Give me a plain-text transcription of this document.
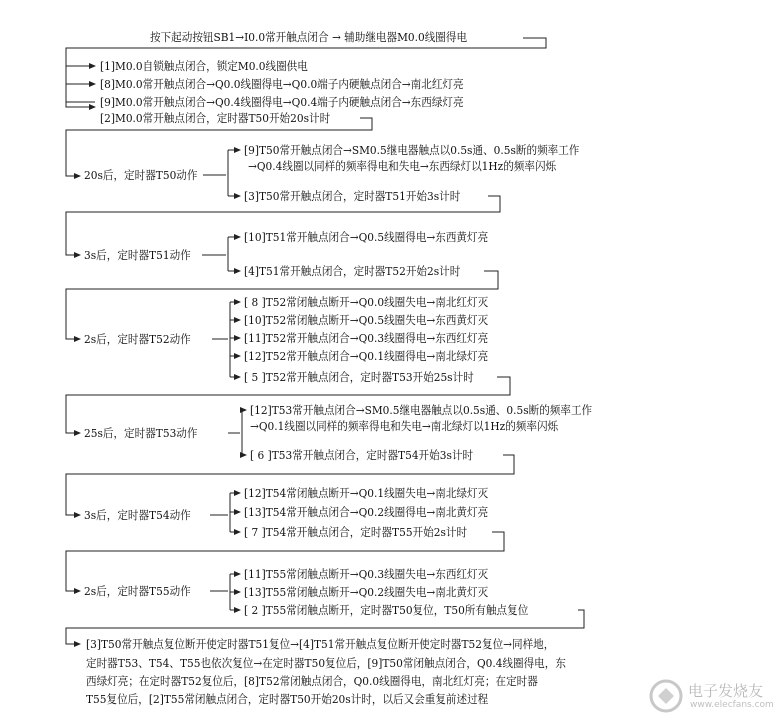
按下起动按钮SB1→I0.0常开触点闭合 → 辅助继电器M0.0线圈得电
[1]M0.0自锁触点闭合，锁定M0.0线圈供电
[8]M0.0常开触点闭合→Q0.0线圈得电→Q0.0端子内硬触点闭合→南北红灯亮
[9]M0.0常开触点闭合→Q0.4线圈得电→Q0.4端子内硬触点闭合→东西绿灯亮
[2]M0.0常开触点闭合，定时器T50开始20s计时
20s后，定时器T50动作
[9]T50常开触点闭合→SM0.5继电器触点以0.5s通、0.5s断的频率工作
→Q0.4线圈以同样的频率得电和失电→东西绿灯以1Hz的频率闪烁
[3]T50常开触点闭合，定时器T51开始3s计时
3s后，定时器T51动作
[10]T51常开触点闭合→Q0.5线圈得电→东西黄灯亮
[4]T51常开触点闭合，定时器T52开始2s计时
2s后，定时器T52动作
[ 8 ]T52常闭触点断开→Q0.0线圈失电→南北红灯灭
[10]T52常闭触点断开→Q0.5线圈失电→东西黄灯灭
[11]T52常开触点闭合→Q0.3线圈得电→东西红灯亮
[12]T52常开触点闭合→Q0.1线圈得电→南北绿灯亮
[ 5 ]T52常开触点闭合，定时器T53开始25s计时
25s后，定时器T53动作
[12]T53常开触点闭合→SM0.5继电器触点以0.5s通、0.5s断的频率工作
→Q0.1线圈以同样的频率得电和失电→南北绿灯以1Hz的频率闪烁
[ 6 ]T53常开触点闭合，定时器T54开始3s计时
3s后，定时器T54动作
[12]T54常闭触点断开→Q0.1线圈失电→南北绿灯灭
[13]T54常开触点闭合→Q0.2线圈得电→南北黄灯亮
[ 7 ]T54常开触点闭合，定时器T55开始2s计时
2s后，定时器T55动作
[11]T55常闭触点断开→Q0.3线圈失电→东西红灯灭
[13]T55常闭触点断开→Q0.2线圈失电→南北黄灯灭
[ 2 ]T55常闭触点断开，定时器T50复位，T50所有触点复位
[3]T50常开触点复位断开使定时器T51复位→[4]T51常开触点复位断开使定时器T52复位→同样地，
定时器T53、T54、T55也依次复位→在定时器T50复位后，[9]T50常闭触点闭合，Q0.4线圈得电，东
西绿灯亮；在定时器T52复位后，[8]T52常闭触点闭合，Q0.0线圈得电，南北红灯亮；在定时器
T55复位后，[2]T55常闭触点闭合，定时器T50开始20s计时，以后又会重复前述过程	电子发烧友
www.elecfans.com
